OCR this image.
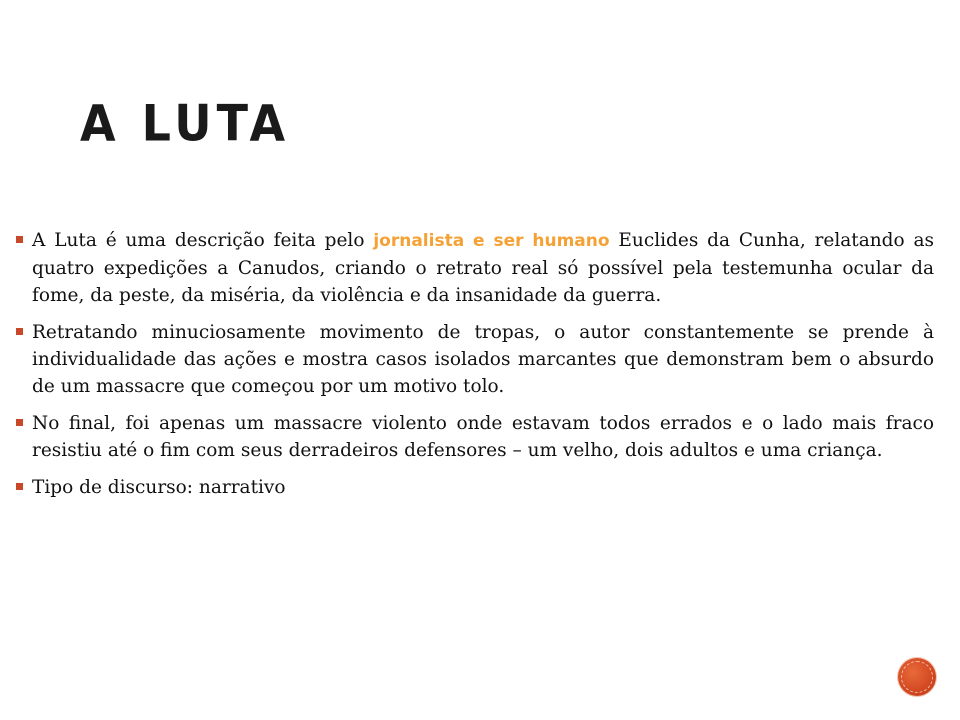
A LUTA
A Luta é uma descrição feita pelo jornalista e ser humano Euclides da Cunha, relatando as quatro expedições a Canudos, criando o retrato real só possível pela testemunha ocular da fome, da peste, da miséria, da violência e da insanidade da guerra.
Retratando minuciosamente movimento de tropas, o autor constantemente se prende à individualidade das ações e mostra casos isolados marcantes que demonstram bem o absurdo de um massacre que começou por um motivo tolo.
No final, foi apenas um massacre violento onde estavam todos errados e o lado mais fraco resistiu até o fim com seus derradeiros defensores – um velho, dois adultos e uma criança.
Tipo de discurso: narrativo
